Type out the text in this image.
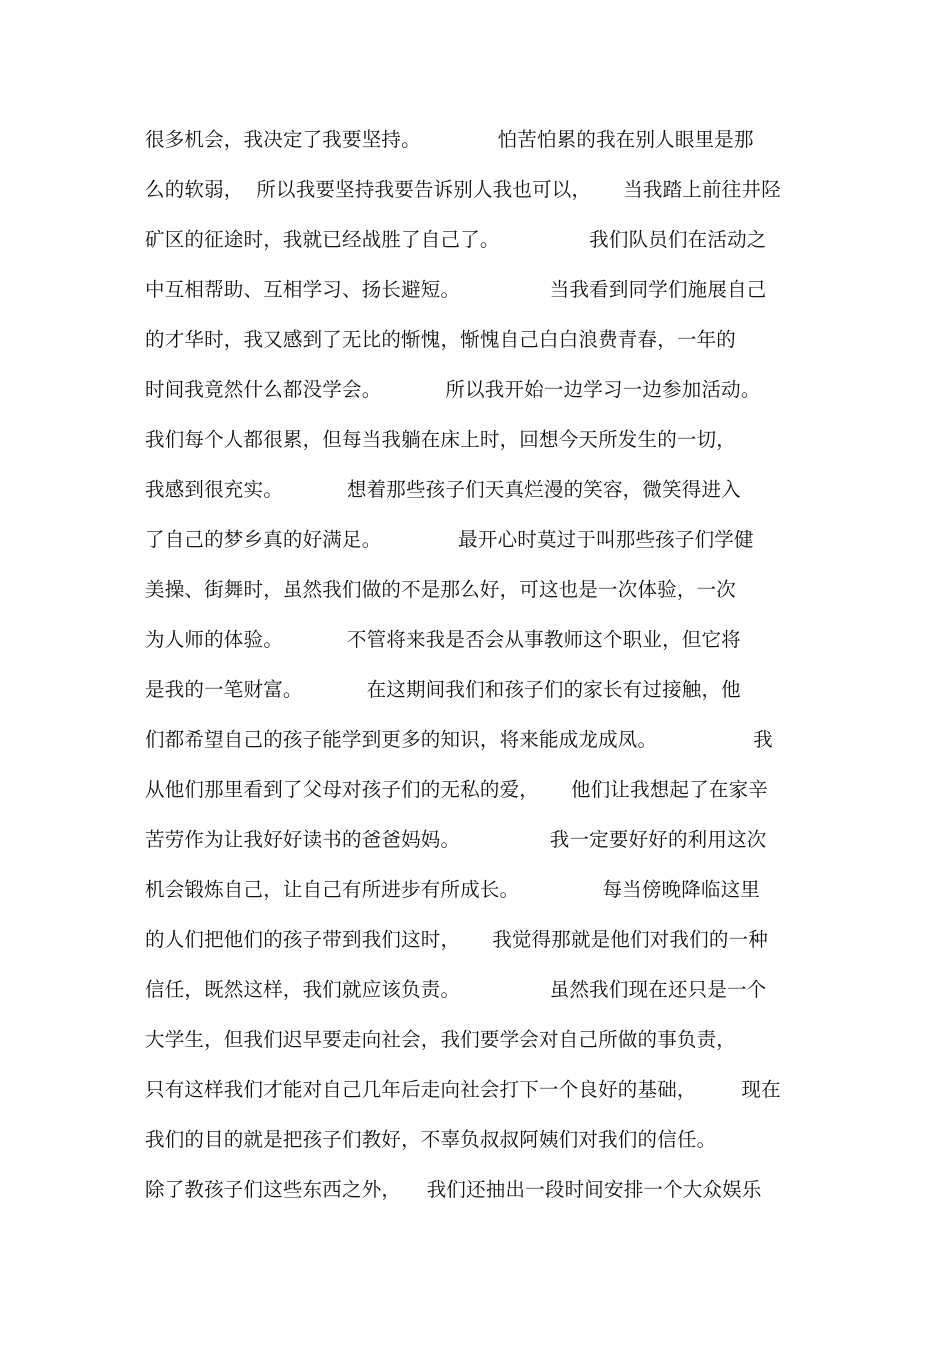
很多机会，我决定了我要坚持。            怕苦怕累的我在别人眼里是那
么的软弱，  所以我要坚持我要告诉别人我也可以，     当我踏上前往井陉
矿区的征途时，我就已经战胜了自己了。              我们队员们在活动之
中互相帮助、互相学习、扬长避短。              当我看到同学们施展自己
的才华时，我又感到了无比的惭愧，惭愧自己白白浪费青春，一年的
时间我竟然什么都没学会。          所以我开始一边学习一边参加活动。
我们每个人都很累，但每当我躺在床上时，回想今天所发生的一切，
我感到很充实。          想着那些孩子们天真烂漫的笑容，微笑得进入
了自己的梦乡真的好满足。            最开心时莫过于叫那些孩子们学健
美操、街舞时，虽然我们做的不是那么好，可这也是一次体验，一次
为人师的体验。          不管将来我是否会从事教师这个职业，但它将
是我的一笔财富。          在这期间我们和孩子们的家长有过接触，他
们都希望自己的孩子能学到更多的知识，将来能成龙成凤。               我
从他们那里看到了父母对孩子们的无私的爱，     他们让我想起了在家辛
苦劳作为让我好好读书的爸爸妈妈。              我一定要好好的利用这次
机会锻炼自己，让自己有所进步有所成长。             每当傍晚降临这里
的人们把他们的孩子带到我们这时，     我觉得那就是他们对我们的一种
信任，既然这样，我们就应该负责。              虽然我们现在还只是一个
大学生，但我们迟早要走向社会，我们要学会对自己所做的事负责，
只有这样我们才能对自己几年后走向社会打下一个良好的基础，       现在
我们的目的就是把孩子们教好，不辜负叔叔阿姨们对我们的信任。
除了教孩子们这些东西之外，    我们还抽出一段时间安排一个大众娱乐
